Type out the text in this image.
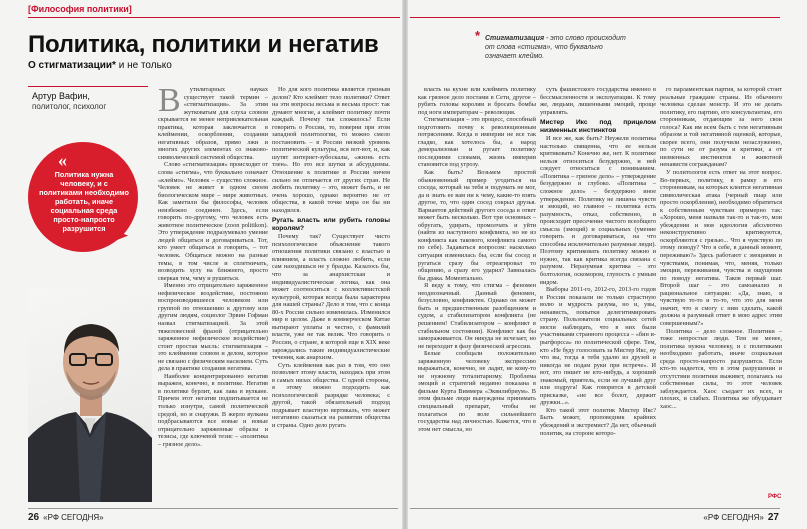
[Философия политики]
Политика, политики и негатив
О стигматизации* и не только
* Стигматизация - это слово происходит от слова «стигма», что буквально означает клеймо.
Артур Вафин,
политолог, психолог
«
Политика нужна человеку, и с политиками необходимо работать, иначе социальная среда просто-напросто разрушится
В	утилитарных науках существует такой термин – «стигматизация». За этим жутковатым для слуха словом скрывается не менее непривлекательная практика, которая заключается в клеймении, оскорблении, создании негативных образов, прямо лжи и многих других элементах со знаково-символической системой общества.

Слово «стигматизация» происходит от слова «стигма», что буквально означает «клеймо». Человек – существо сложное. Человек не живет в одном своем биологическом мире – мире животных. Как заметили бы философы, человек неизбежно соединен. Здесь, если говорить по-другому, что человек есть животное политическое (zoon politikon). Это утверждение подразумевало умение людей общаться и договариваться. Тот, кто умеет общаться и говорить, – тот человек. Общаться можно на разные темы, в том числе и сплетничать, возводить хулу на ближнего, просто сверкая тем, чему и рушиться.

Именно это отрицательно заряженное нефизическое воздействие, постоянно воспроизводившееся человеком или группой по отношению к другому или другим людям, социолог Эрвин Гофман назвал стигматизацией. За этой тяжеловесной фразой (отрицательно заряженное нефизическое воздействие) стоит простая мысль: стигматизация – это клеймение словом и делом, которое не связано с физическим насилием. Суть дела в практике создания негатива.

Наиболее концентрированно негатив выражен, конечно, в политике. Негатив в политике бурлит, как лава в вулкане. Причем этот негатив подпитывается не только изнутри, самой политической средой, но и снаружи. В жерло вулкана подбрасываются все новые и новые отрицательно заряженные образы и тезисы, где ключевой тезис – «политика – грязное дело».

Но для кого политика является грязным делом? Кто клеймит тело политики? Ответ на эти вопросы весьма и весьма прост: так думают многие, а клеймит политику почти каждый. Почему так сложилось? Если говорить о России, то, поверни при этом западной политологии, то можно смело постановить – в России низкий уровень политической культуры, вся вот-вот, и, как шутят интернет-зубоскалы, «жизнь есть тлен». Но это все шутки и абсурдизмы. Отношение к политике в России ничем сильно не отличается от других стран. Не любить политику – это, может быть, и не очень хорошо, однако вероятно не от общества, в какой точке мира он бы ни находился.

Ругать власть или рубить головы королям?

Почему так? Существует чисто психологическое объяснение такого отношения политики связано с властью и влиянием, а власть сложно любить, если сам находишься не у бразды. Казалось бы, что за анархистская и индивидуалистическая логика, как она может соотноситься с коллективистской культурой, которая всегда была характерна для нашей страны? Дело в том, что с конца 80-х Россия сильно изменилась. Изменился мир в целом. Даже в коммерческом Китае вытирают уплаты и честно, с фамилий власти, уже не так велик. Что говорить о России, о стране, в которой еще в XIX веке зарождались такие индивидуалистические течения, как анархизм.

Суть клеймения как раз в том, что оно позволяет этому власти, находясь при этом в самых низах общества. С одной стороны, я этому можно подходить как психологической разрядке человека; с другой, такой обязательный подход подрывает властную вертикаль, что может негативно сказаться на развитии общества и страны. Одно дело ругать

власть на кухне или клеймить политику как грязное дело постами в Сети, другое – рубить головы королям и бросать бомбы под ноги императорам – революция.

Стигматизация – это процесс, способный подготовить почву к революционным потрясениям. Когда в империи не все так гладко, как хотелось бы, а народ деморализован и ругает политику последними словами, жизнь империи становится под угрозу.

Как быть? Возьмем простой обыкновенный пример угодиться на соседа, который на тебя и подумать не мог, да и знать ее вам ни к чему, какие-то взять другое, то, что один сосед сокрыл друзья. Вариантов действий другого соседа в ответ может быть несколько. Вот три основных – обругать, удирать, промолчать и уйти (найти из наступного конфликта, но не из конфликта как такового, конфликта самого по себе). Задаваться вопросом: насколько ситуация изменилась бы, если бы сосед и ругаться сразу бы отреагировал то общению, а сразу его ударил? Завязалась бы драка. Моментально.

Я веду к тому, что стигма – феномен неоднозначный. Данный феномен, безусловно, конфликтен. Однако он может быть и предшественным разобщением и судом, а стабилизатором конфликта (не решением! Стабилизатором – конфликт в стабильном состоянии). Конфликт как бы замораживается. Он никуда не исчезает, но не переходит в фазу физической агрессии.

Белые сообщали положительно заряженную человеку экспрессию выражаться, конечно, не ладят, не кому-то не нужному тоталитаризму. Проблема эмоций и стратегий недавно показана в фильме Курта Виммера «Эквилибриум». В этом фильме люди вынуждены принимать специальный препарат, чтобы не полагаться по воле сильнейшего государства над личностью. Кажется, что в этом нет смысла, но

суть фашистского государства именно в бессмысленности и эксплуатации. К тому же, людьми, лишенными эмоций, проще управлять.

Мистер Икс под прицелом низменных инстинктов

И все же, как быть? Неужели политика настолько священна, что ее нельзя критиковать? Конечно же, нет. К политике нельзя относиться безудержно, и ней следует относиться с пониманием. «Политика – грязное дело» – утверждение безудержно и глубоко. «Политика – сложное дело» – безудержно иное утверждение. Политику не лишена чувств и эмоций, но главное – политика есть разумность, отказ, собственно, и происходит пресечение чистого всеобщего смысла (эмоций) и социальных (умение говорить и договариваться, на что способны исключительно разумные люди). Поэтому критиковать политику можно и нужно, так как критика всегда связана с разумом. Неразумная критика – это болтология, оскомором, глупость с умным видом.

Выборы 2011-го, 2012-го, 2013-го годов в России показали не только страстную волю и мудрость разума, но и, увы, ненависть, попытки делегитимировать страну. Пользователи социальных сетей могли наблюдать, что в них были участниками странного процесса – «бин и-рыгфорсса» по политической сфере. Тем, кто «Не буду голосовать за Мистер Икс, ну что вы, тогда я тебя удалю из друзей и никогда не подам руки при встрече». И вот, это пишет не кто-нибудь, а хороший знакомый, приятель, если не лучший друг или подруга! Как говорится в детской присказке, «не все болот, держит дружки...».

Кто такой этот политик Мистер Икс? Быть может, проповедник крайних убеждений и экстремист? Да нет, обычный политик, на стороне которо-

го парламентская партия, за которой стоит реальные граждане страны. Из обычного человека сделан монстр. И это не делать политику, его партию, его консультантам, его сторонникам, отдающим за него свои голоса? Как им всем быть с тем негативным образом и той негативной оценкой, которые, скорее всего, они получили незаслуженно, по сути не от разума и критики, а от низменных инстинктов и животной ненависти согражданам?

У политологов есть ответ на этот вопрос. Во-первых, политику, в рамку и его сторонникам, на которых клеится негативная символическая атака (черный пиар или просто оскорбления), необходимо обратиться к собственным чувствам примерно так: «Хорошо, меня назвали так-то и так-то, мои убеждения и моя идеология абсолютно неконструктивно критикуются, оскорбляются с грязью... Что я чувствую по этому поводу? Что я себе, в данный момент, переживаю?» Здесь работают с эмоциями и чувствами, понимая, что, меняя, только эмоции, переживания, чувства и ощущения по поводу негатива. Таков первый шаг. Второй шаг – это самоанализ и рациональное ситуации: «Да, знаю, я чувствую то-то и то-то, что это для меня значит, что я смогу с ним сделать, какой должна я разумный ответ в мою адрес этим совершенным?»

Политика – дело сложное. Политики – тоже непростые люди. Тем не менее, политика нужна человеку, и с политиками необходимо работать, иначе социальная среда просто-напросто разрушится. Если кто-то надеется, что в этом разрушении и отсутствии политики выживет, полагаясь на собственные силы, то этот человек заблуждается. Хаос съедает их всех, и плохих, и слабых. Политика же обуздывает хаос...

РФС
26 «РФ СЕГОДНЯ»	«РФ СЕГОДНЯ» 27
